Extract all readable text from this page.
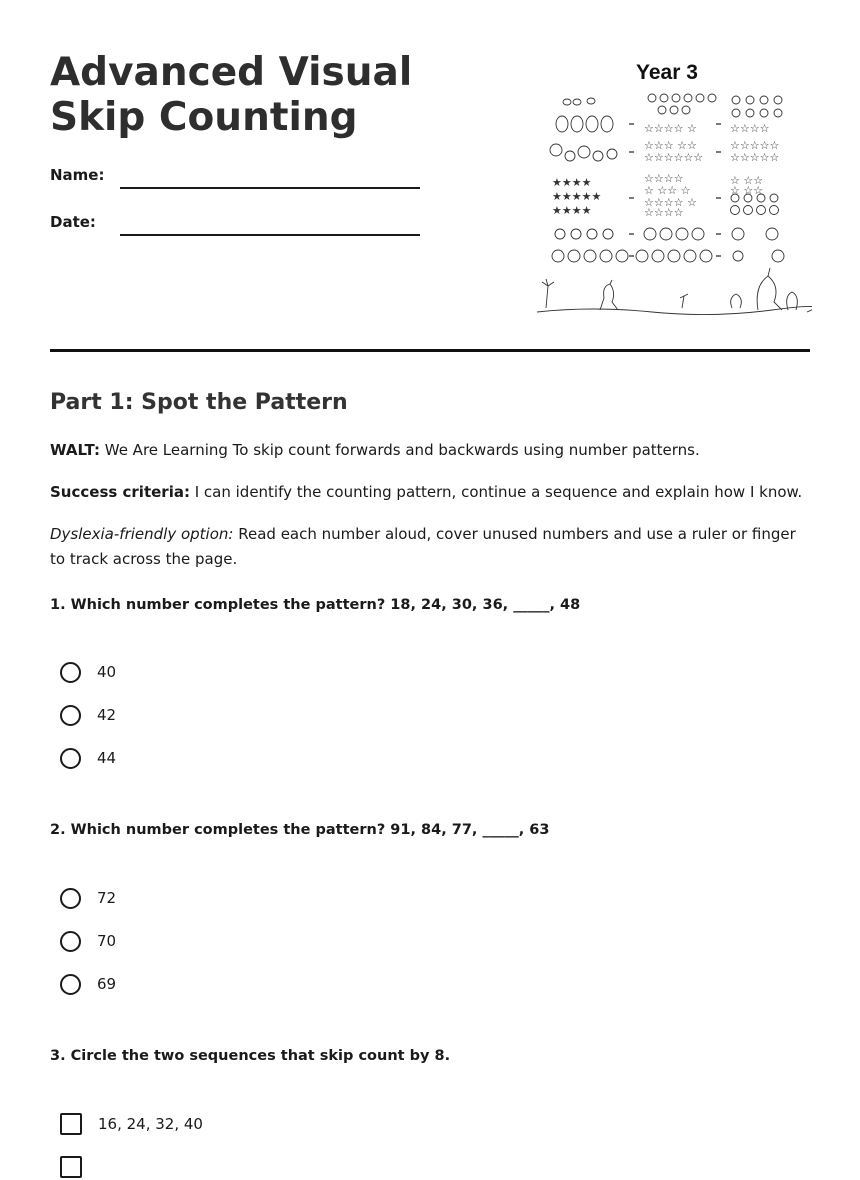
Advanced Visual Skip Counting
Name:
Date:
Year 3
☆☆☆☆ ☆	☆☆☆☆
☆☆☆ ☆☆
☆☆☆☆☆☆
☆☆☆☆☆
☆☆☆☆☆
★★★★
★★★★★
★★★★
☆☆☆☆
☆ ☆☆ ☆
☆☆☆☆ ☆
☆☆☆☆
☆ ☆☆
☆ ☆☆
Part 1: Spot the Pattern

WALT: We Are Learning To skip count forwards and backwards using number patterns.

Success criteria: I can identify the counting pattern, continue a sequence and explain how I know.

Dyslexia-friendly option: Read each number aloud, cover unused numbers and use a ruler or finger to track across the page.

1. Which number completes the pattern? 18, 24, 30, 36, _____, 48

40
42
44

2. Which number completes the pattern? 91, 84, 77, _____, 63

72
70
69

3. Circle the two sequences that skip count by 8.

16, 24, 32, 40
